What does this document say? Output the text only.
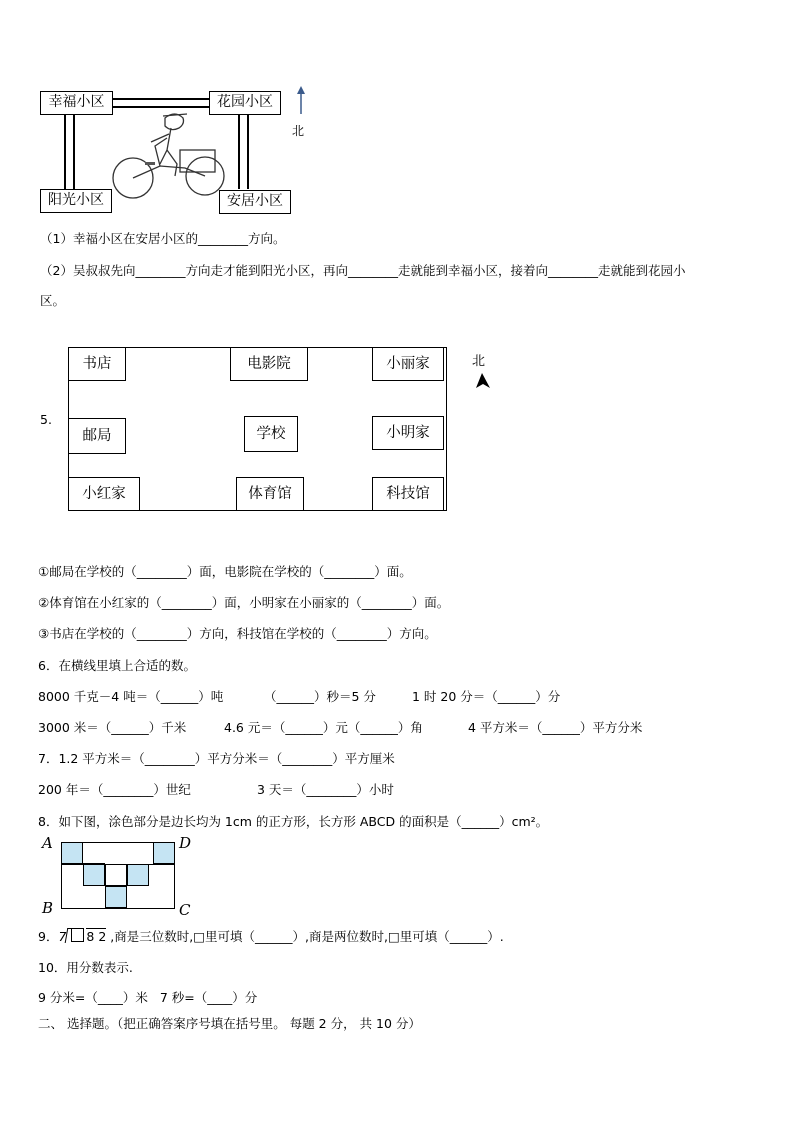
幸福小区	花园小区
阳光小区	安居小区
北
（1）幸福小区在安居小区的________方向。
（2）吴叔叔先向________方向走才能到阳光小区，再向________走就能到幸福小区，接着向________走就能到花园小
区。
5.
书店	电影院	小丽家
邮局	学校	小明家
小红家	体育馆	科技馆
北
①邮局在学校的（________）面，电影院在学校的（________）面。
②体育馆在小红家的（________）面，小明家在小丽家的（________）面。
③书店在学校的（________）方向，科技馆在学校的（________）方向。
6．在横线里填上合适的数。
8000 千克－4 吨＝（______）吨	（______）秒＝5 分	1 时 20 分＝（______）分
3000 米＝（______）千米	4.6 元＝（______）元（______）角	4 平方米＝（______）平方分米
7．1.2 平方米＝（________）平方分米＝（________）平方厘米
200 年＝（________）世纪	3 天＝（________）小时
8．如下图，涂色部分是边长均为 1cm 的正方形，长方形 ABCD 的面积是（______）cm²。
A	D
B	C
9．7 8 2 ,商是三位数时,□里可填（______）,商是两位数时,□里可填（______）.
10．用分数表示.
9 分米=（____）米   7 秒=（____）分
二、 选择题。（把正确答案序号填在括号里。 每题 2 分， 共 10 分）
